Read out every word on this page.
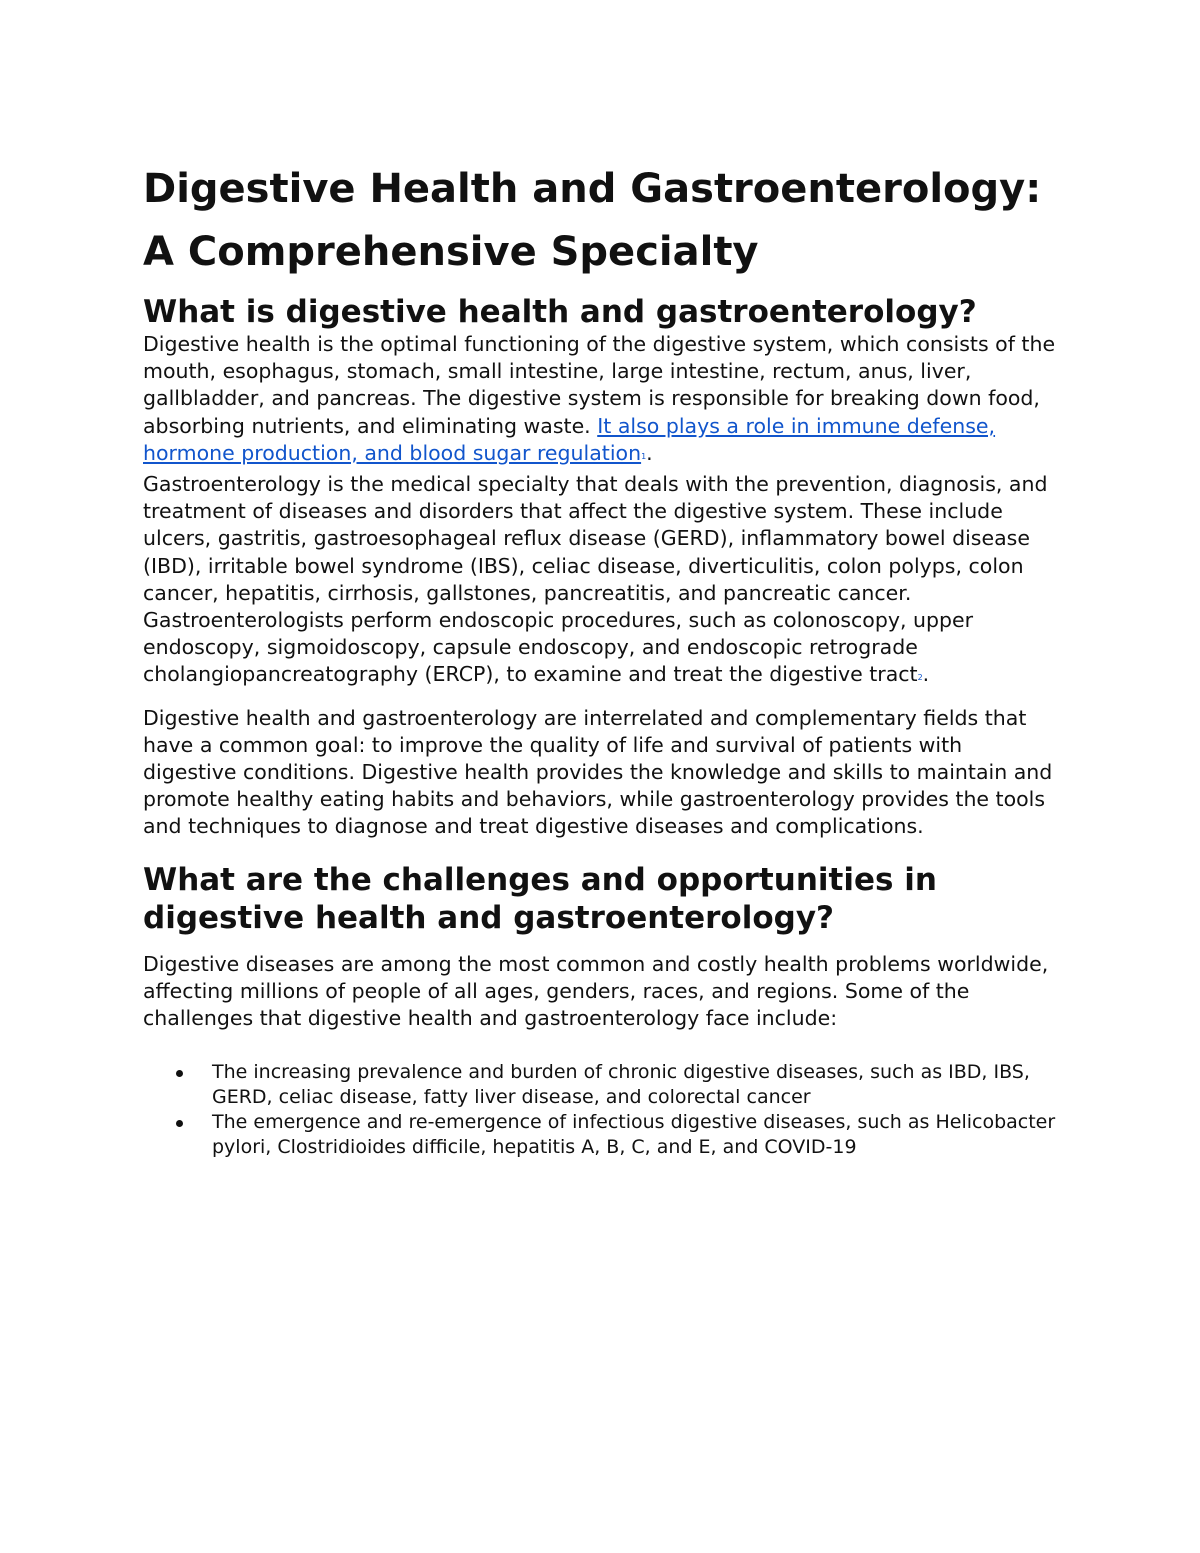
Digestive Health and Gastroenterology: A Comprehensive Specialty
What is digestive health and gastroenterology?

Digestive health is the optimal functioning of the digestive system, which consists of the mouth, esophagus, stomach, small intestine, large intestine, rectum, anus, liver, gallbladder, and pancreas. The digestive system is responsible for breaking down food, absorbing nutrients, and eliminating waste. It also plays a role in immune defense, hormone production, and blood sugar regulation$^1$.

Gastroenterology is the medical specialty that deals with the prevention, diagnosis, and treatment of diseases and disorders that affect the digestive system. These include ulcers, gastritis, gastroesophageal reflux disease (GERD), inflammatory bowel disease (IBD), irritable bowel syndrome (IBS), celiac disease, diverticulitis, colon polyps, colon cancer, hepatitis, cirrhosis, gallstones, pancreatitis, and pancreatic cancer. Gastroenterologists perform endoscopic procedures, such as colonoscopy, upper endoscopy, sigmoidoscopy, capsule endoscopy, and endoscopic retrograde cholangiopancreatography (ERCP), to examine and treat the digestive tract$^2$.

Digestive health and gastroenterology are interrelated and complementary fields that have a common goal: to improve the quality of life and survival of patients with digestive conditions. Digestive health provides the knowledge and skills to maintain and promote healthy eating habits and behaviors, while gastroenterology provides the tools and techniques to diagnose and treat digestive diseases and complications.

What are the challenges and opportunities in digestive health and gastroenterology?

Digestive diseases are among the most common and costly health problems worldwide, affecting millions of people of all ages, genders, races, and regions. Some of the challenges that digestive health and gastroenterology face include:

The increasing prevalence and burden of chronic digestive diseases, such as IBD, IBS, GERD, celiac disease, fatty liver disease, and colorectal cancer
The emergence and re-emergence of infectious digestive diseases, such as Helicobacter pylori, Clostridioides difficile, hepatitis A, B, C, and E, and COVID-19
